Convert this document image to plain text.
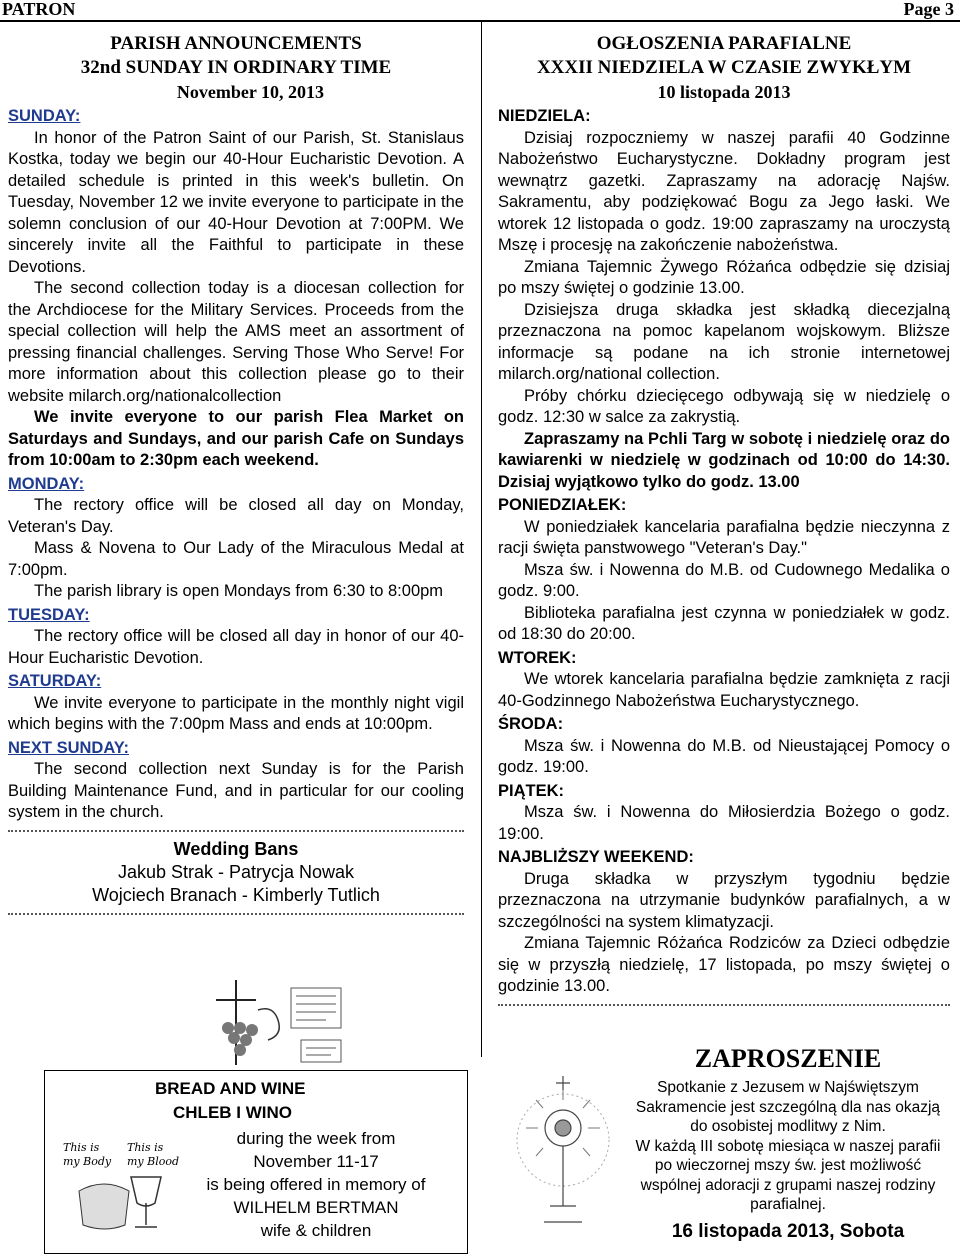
PATRON	Page 3
PARISH ANNOUNCEMENTS
32nd SUNDAY IN ORDINARY TIME
November 10, 2013
SUNDAY:

In honor of the Patron Saint of our Parish, St. Stanislaus Kostka, today we begin our 40-Hour Eucharistic Devotion. A detailed schedule is printed in this week's bulletin. On Tuesday, November 12 we invite everyone to participate in the solemn conclusion of our 40-Hour Devotion at 7:00PM. We sincerely invite all the Faithful to participate in these Devotions.

The second collection today is a diocesan collection for the Archdiocese for the Military Services. Proceeds from the special collection will help the AMS meet an assortment of pressing financial challenges. Serving Those Who Serve! For more information about this collection please go to their website milarch.org/nationalcollection

We invite everyone to our parish Flea Market on Saturdays and Sundays, and our parish Cafe on Sundays from 10:00am to 2:30pm each weekend.

MONDAY:

The rectory office will be closed all day on Monday, Veteran's Day.

Mass & Novena to Our Lady of the Miraculous Medal at 7:00pm.

The parish library is open Mondays from 6:30 to 8:00pm

TUESDAY:

The rectory office will be closed all day in honor of our 40-Hour Eucharistic Devotion.

SATURDAY:

We invite everyone to participate in the monthly night vigil which begins with the 7:00pm Mass and ends at 10:00pm.

NEXT SUNDAY:

The second collection next Sunday is for the Parish Building Maintenance Fund, and in particular for our cooling system in the church.

Wedding Bans
Jakub Strak - Patrycja Nowak
Wojciech Branach - Kimberly Tutlich
OGŁOSZENIA PARAFIALNE
XXXII NIEDZIELA W CZASIE ZWYKŁYM
10 listopada 2013
NIEDZIELA:

Dzisiaj rozpoczniemy w naszej parafii 40 Godzinne Nabożeństwo Eucharystyczne. Dokładny program jest wewnątrz gazetki. Zapraszamy na adorację Najśw. Sakramentu, aby podziękować Bogu za Jego łaski. We wtorek 12 listopada o godz. 19:00 zapraszamy na uroczystą Mszę i procesję na zakończenie nabożeństwa.

Zmiana Tajemnic Żywego Różańca odbędzie się dzisiaj po mszy świętej o godzinie 13.00.

Dzisiejsza druga składka jest składką diecezjalną przeznaczona na pomoc kapelanom wojskowym. Bliższe informacje są podane na ich stronie internetowej milarch.org/national collection.

Próby chórku dziecięcego odbywają się w niedzielę o godz. 12:30 w salce za zakrystią.

Zapraszamy na Pchli Targ w sobotę i niedzielę oraz do kawiarenki w niedzielę w godzinach od 10:00 do 14:30. Dzisiaj wyjątkowo tylko do godz. 13.00

PONIEDZIAŁEK:

W poniedziałek kancelaria parafialna będzie nieczynna z racji święta panstwowego "Veteran's Day."

Msza św. i Nowenna do M.B. od Cudownego Medalika o godz. 9:00.

Biblioteka parafialna jest czynna w poniedziałek w godz. od 18:30 do 20:00.

WTOREK:

We wtorek kancelaria parafialna będzie zamknięta z racji 40-Godzinnego Nabożeństwa Eucharystycznego.

ŚRODA:

Msza św. i Nowenna do M.B. od Nieustającej Pomocy o godz. 19:00.

PIĄTEK:

Msza św. i Nowenna do Miłosierdzia Bożego o godz. 19:00.

NAJBLIŻSZY WEEKEND:

Druga składka w przyszłym tygodniu będzie przeznaczona na utrzymanie budynków parafialnych, a w szczególności na system klimatyzacji.

Zmiana Tajemnic Różańca Rodziców za Dzieci odbędzie się w przyszłą niedzielę, 17 listopada, po mszy świętej o godzinie 13.00.

BREAD AND WINE
CHLEB I WINO
during the week from
November 11-17
is being offered in memory of
WILHELM BERTMAN
wife & children
This is
my Body
This is
my Blood
ZAPROSZENIE
Spotkanie z Jezusem w Najświętszym Sakramencie jest szczególną dla nas okazją do osobistej modlitwy z Nim.
W każdą III sobotę miesiąca w naszej parafii po wieczornej mszy św. jest możliwość wspólnej adoracji z grupami naszej rodziny parafialnej.
16 listopada 2013, Sobota
